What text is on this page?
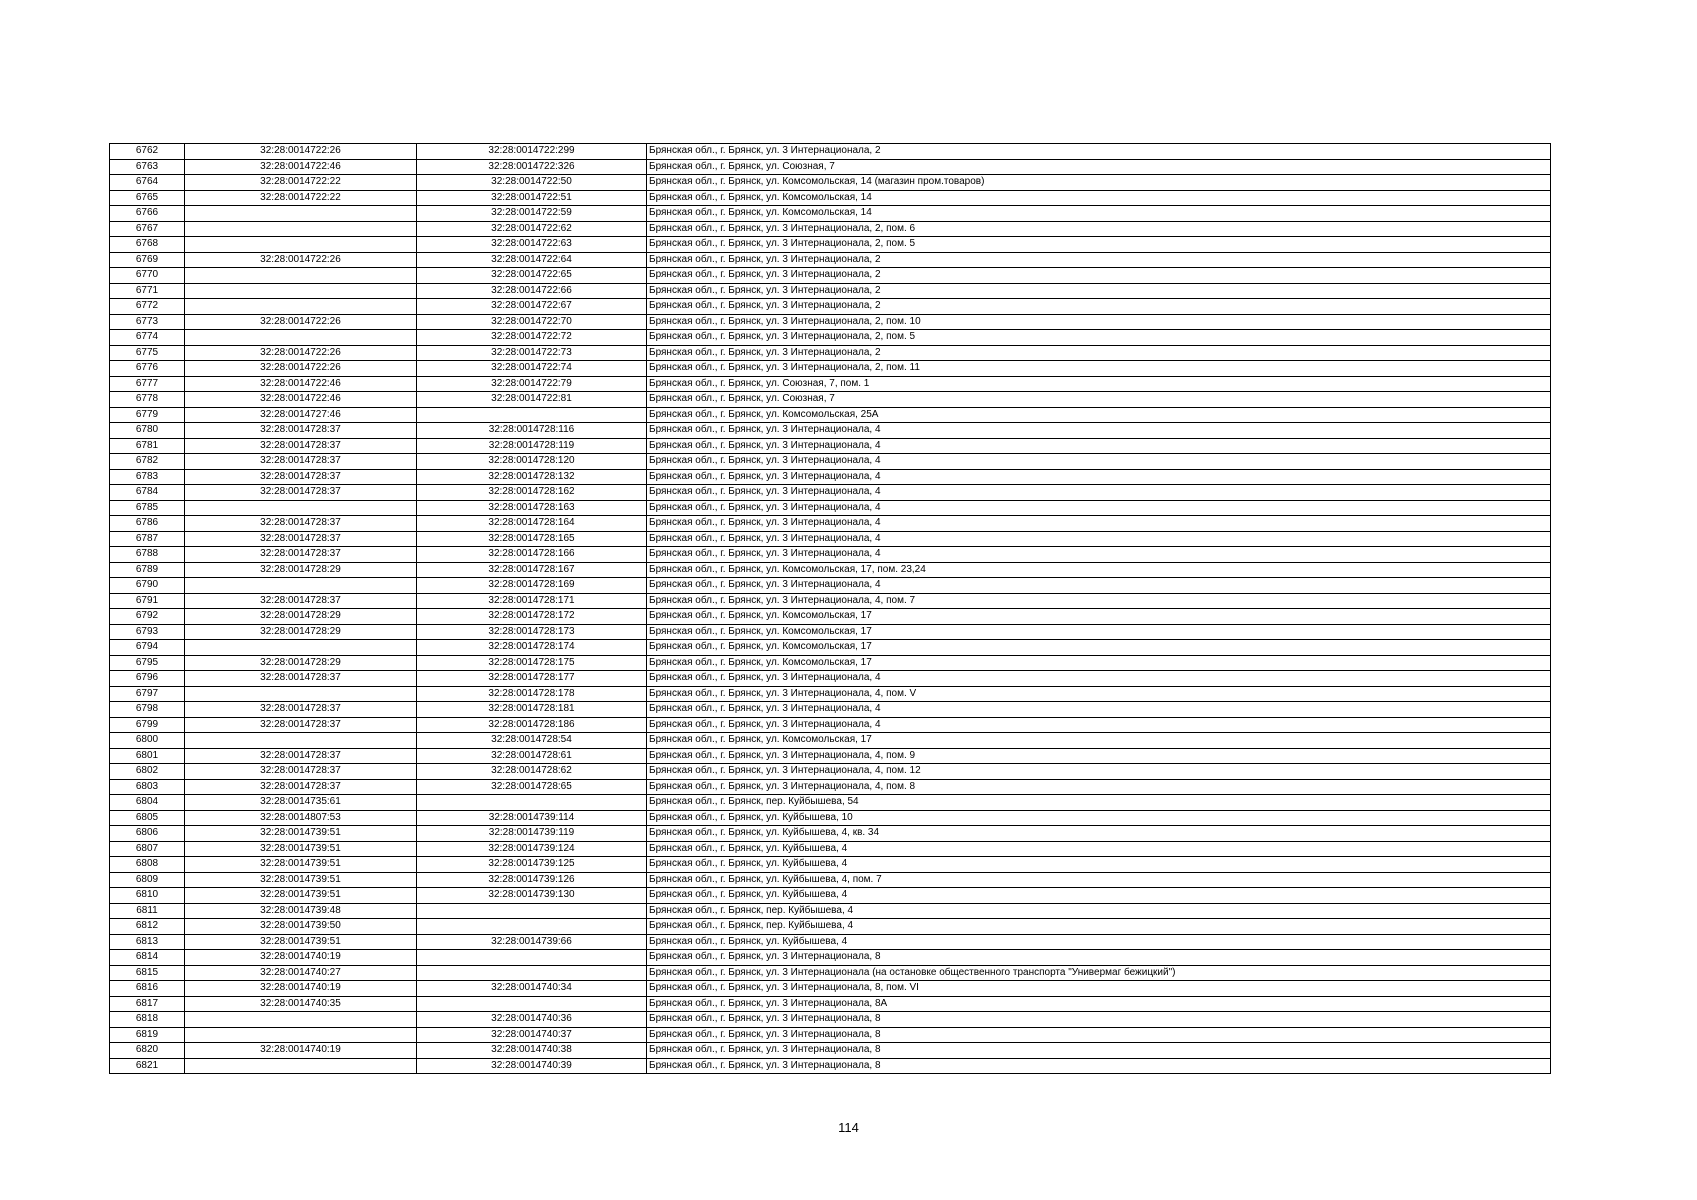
6762	32:28:0014722:26	32:28:0014722:299	Брянская обл., г. Брянск, ул. 3 Интернационала, 2
6763	32:28:0014722:46	32:28:0014722:326	Брянская обл., г. Брянск, ул. Союзная, 7
6764	32:28:0014722:22	32:28:0014722:50	Брянская обл., г. Брянск, ул. Комсомольская, 14 (магазин пром.товаров)
6765	32:28:0014722:22	32:28:0014722:51	Брянская обл., г. Брянск, ул. Комсомольская, 14
6766		32:28:0014722:59	Брянская обл., г. Брянск, ул. Комсомольская, 14
6767		32:28:0014722:62	Брянская обл., г. Брянск, ул. 3 Интернационала, 2, пом. 6
6768		32:28:0014722:63	Брянская обл., г. Брянск, ул. 3 Интернационала, 2, пом. 5
6769	32:28:0014722:26	32:28:0014722:64	Брянская обл., г. Брянск, ул. 3 Интернационала, 2
6770		32:28:0014722:65	Брянская обл., г. Брянск, ул. 3 Интернационала, 2
6771		32:28:0014722:66	Брянская обл., г. Брянск, ул. 3 Интернационала, 2
6772		32:28:0014722:67	Брянская обл., г. Брянск, ул. 3 Интернационала, 2
6773	32:28:0014722:26	32:28:0014722:70	Брянская обл., г. Брянск, ул. 3 Интернационала, 2, пом. 10
6774		32:28:0014722:72	Брянская обл., г. Брянск, ул. 3 Интернационала, 2, пом. 5
6775	32:28:0014722:26	32:28:0014722:73	Брянская обл., г. Брянск, ул. 3 Интернационала, 2
6776	32:28:0014722:26	32:28:0014722:74	Брянская обл., г. Брянск, ул. 3 Интернационала, 2, пом. 11
6777	32:28:0014722:46	32:28:0014722:79	Брянская обл., г. Брянск, ул. Союзная, 7, пом. 1
6778	32:28:0014722:46	32:28:0014722:81	Брянская обл., г. Брянск, ул. Союзная, 7
6779	32:28:0014727:46		Брянская обл., г. Брянск, ул. Комсомольская, 25А
6780	32:28:0014728:37	32:28:0014728:116	Брянская обл., г. Брянск, ул. 3 Интернационала, 4
6781	32:28:0014728:37	32:28:0014728:119	Брянская обл., г. Брянск, ул. 3 Интернационала, 4
6782	32:28:0014728:37	32:28:0014728:120	Брянская обл., г. Брянск, ул. 3 Интернационала, 4
6783	32:28:0014728:37	32:28:0014728:132	Брянская обл., г. Брянск, ул. 3 Интернационала, 4
6784	32:28:0014728:37	32:28:0014728:162	Брянская обл., г. Брянск, ул. 3 Интернационала, 4
6785		32:28:0014728:163	Брянская обл., г. Брянск, ул. 3 Интернационала, 4
6786	32:28:0014728:37	32:28:0014728:164	Брянская обл., г. Брянск, ул. 3 Интернационала, 4
6787	32:28:0014728:37	32:28:0014728:165	Брянская обл., г. Брянск, ул. 3 Интернационала, 4
6788	32:28:0014728:37	32:28:0014728:166	Брянская обл., г. Брянск, ул. 3 Интернационала, 4
6789	32:28:0014728:29	32:28:0014728:167	Брянская обл., г. Брянск, ул. Комсомольская, 17, пом. 23,24
6790		32:28:0014728:169	Брянская обл., г. Брянск, ул. 3 Интернационала, 4
6791	32:28:0014728:37	32:28:0014728:171	Брянская обл., г. Брянск, ул. 3 Интернационала, 4, пом. 7
6792	32:28:0014728:29	32:28:0014728:172	Брянская обл., г. Брянск, ул. Комсомольская, 17
6793	32:28:0014728:29	32:28:0014728:173	Брянская обл., г. Брянск, ул. Комсомольская, 17
6794		32:28:0014728:174	Брянская обл., г. Брянск, ул. Комсомольская, 17
6795	32:28:0014728:29	32:28:0014728:175	Брянская обл., г. Брянск, ул. Комсомольская, 17
6796	32:28:0014728:37	32:28:0014728:177	Брянская обл., г. Брянск, ул. 3 Интернационала, 4
6797		32:28:0014728:178	Брянская обл., г. Брянск, ул. 3 Интернационала, 4, пом. V
6798	32:28:0014728:37	32:28:0014728:181	Брянская обл., г. Брянск, ул. 3 Интернационала, 4
6799	32:28:0014728:37	32:28:0014728:186	Брянская обл., г. Брянск, ул. 3 Интернационала, 4
6800		32:28:0014728:54	Брянская обл., г. Брянск, ул. Комсомольская, 17
6801	32:28:0014728:37	32:28:0014728:61	Брянская обл., г. Брянск, ул. 3 Интернационала, 4, пом. 9
6802	32:28:0014728:37	32:28:0014728:62	Брянская обл., г. Брянск, ул. 3 Интернационала, 4, пом. 12
6803	32:28:0014728:37	32:28:0014728:65	Брянская обл., г. Брянск, ул. 3 Интернационала, 4, пом. 8
6804	32:28:0014735:61		Брянская обл., г. Брянск, пер. Куйбышева, 54
6805	32:28:0014807:53	32:28:0014739:114	Брянская обл., г. Брянск, ул. Куйбышева, 10
6806	32:28:0014739:51	32:28:0014739:119	Брянская обл., г. Брянск, ул. Куйбышева, 4, кв. 34
6807	32:28:0014739:51	32:28:0014739:124	Брянская обл., г. Брянск, ул. Куйбышева, 4
6808	32:28:0014739:51	32:28:0014739:125	Брянская обл., г. Брянск, ул. Куйбышева, 4
6809	32:28:0014739:51	32:28:0014739:126	Брянская обл., г. Брянск, ул. Куйбышева, 4, пом. 7
6810	32:28:0014739:51	32:28:0014739:130	Брянская обл., г. Брянск, ул. Куйбышева, 4
6811	32:28:0014739:48		Брянская обл., г. Брянск, пер. Куйбышева, 4
6812	32:28:0014739:50		Брянская обл., г. Брянск, пер. Куйбышева, 4
6813	32:28:0014739:51	32:28:0014739:66	Брянская обл., г. Брянск, ул. Куйбышева, 4
6814	32:28:0014740:19		Брянская обл., г. Брянск, ул. 3 Интернационала, 8
6815	32:28:0014740:27		Брянская обл., г. Брянск, ул. 3 Интернационала (на остановке общественного транспорта "Универмаг бежицкий")
6816	32:28:0014740:19	32:28:0014740:34	Брянская обл., г. Брянск, ул. 3 Интернационала, 8, пом. VI
6817	32:28:0014740:35		Брянская обл., г. Брянск, ул. 3 Интернационала, 8А
6818		32:28:0014740:36	Брянская обл., г. Брянск, ул. 3 Интернационала, 8
6819		32:28:0014740:37	Брянская обл., г. Брянск, ул. 3 Интернационала, 8
6820	32:28:0014740:19	32:28:0014740:38	Брянская обл., г. Брянск, ул. 3 Интернационала, 8
6821		32:28:0014740:39	Брянская обл., г. Брянск, ул. 3 Интернационала, 8
114
